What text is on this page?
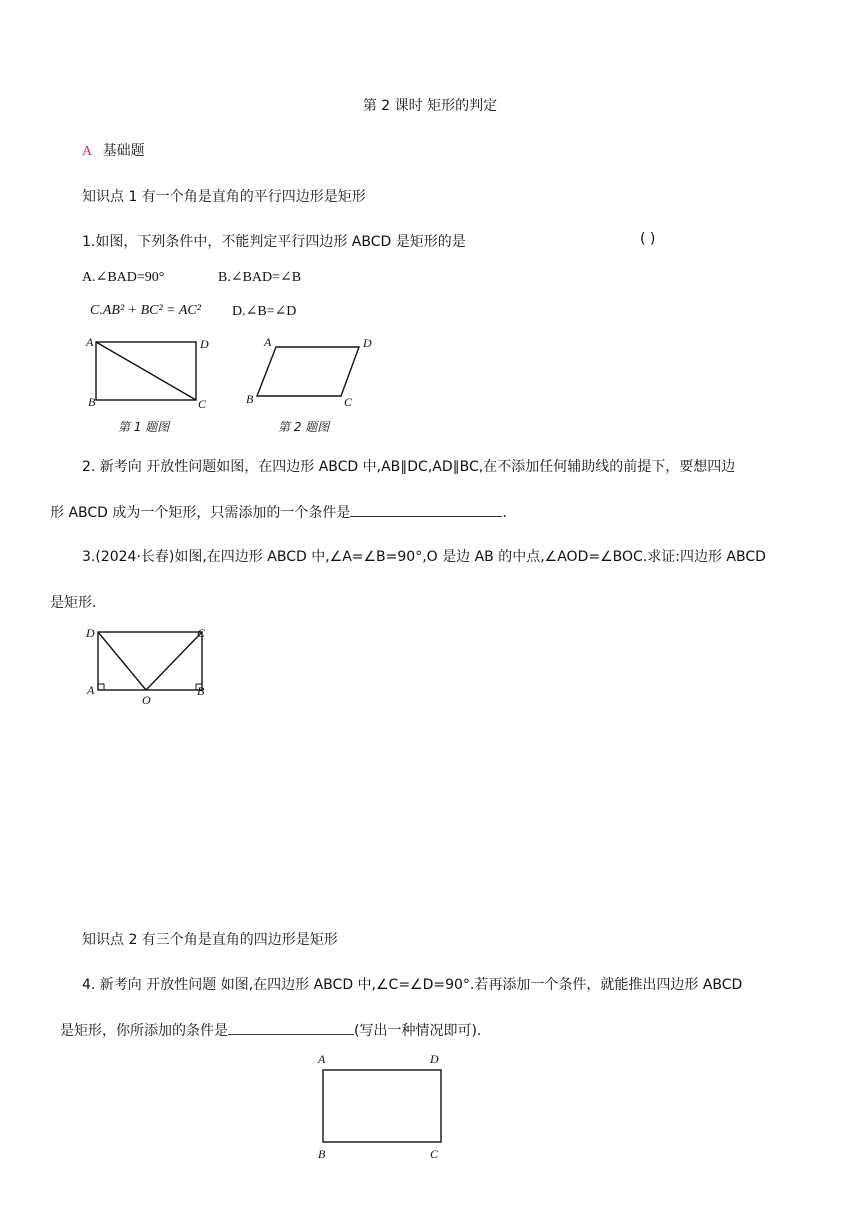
第 2 课时 矩形的判定
A 基础题
知识点 1 有一个角是直角的平行四边形是矩形
1.如图，下列条件中，不能判定平行四边形 ABCD 是矩形的是	( )
A.∠BAD=90°	B.∠BAD=∠B
C.AB² + BC² = AC² D.∠B=∠D
A	D
B	C
第 1 题图
A	D
B	C
第 2 题图
2. 新考向 开放性问题如图，在四边形 ABCD 中,AB∥DC,AD∥BC,在不添加任何辅助线的前提下，要想四边
形 ABCD 成为一个矩形，只需添加的一个条件是	.
3.(2024·长春)如图,在四边形 ABCD 中,∠A=∠B=90°,O 是边 AB 的中点,∠AOD=∠BOC.求证:四边形 ABCD
是矩形.
D	C
A
O
B
知识点 2 有三个角是直角的四边形是矩形
4. 新考向 开放性问题 如图,在四边形 ABCD 中,∠C=∠D=90°.若再添加一个条件，就能推出四边形 ABCD
是矩形，你所添加的条件是	(写出一种情况即可).
A	D
B	C
